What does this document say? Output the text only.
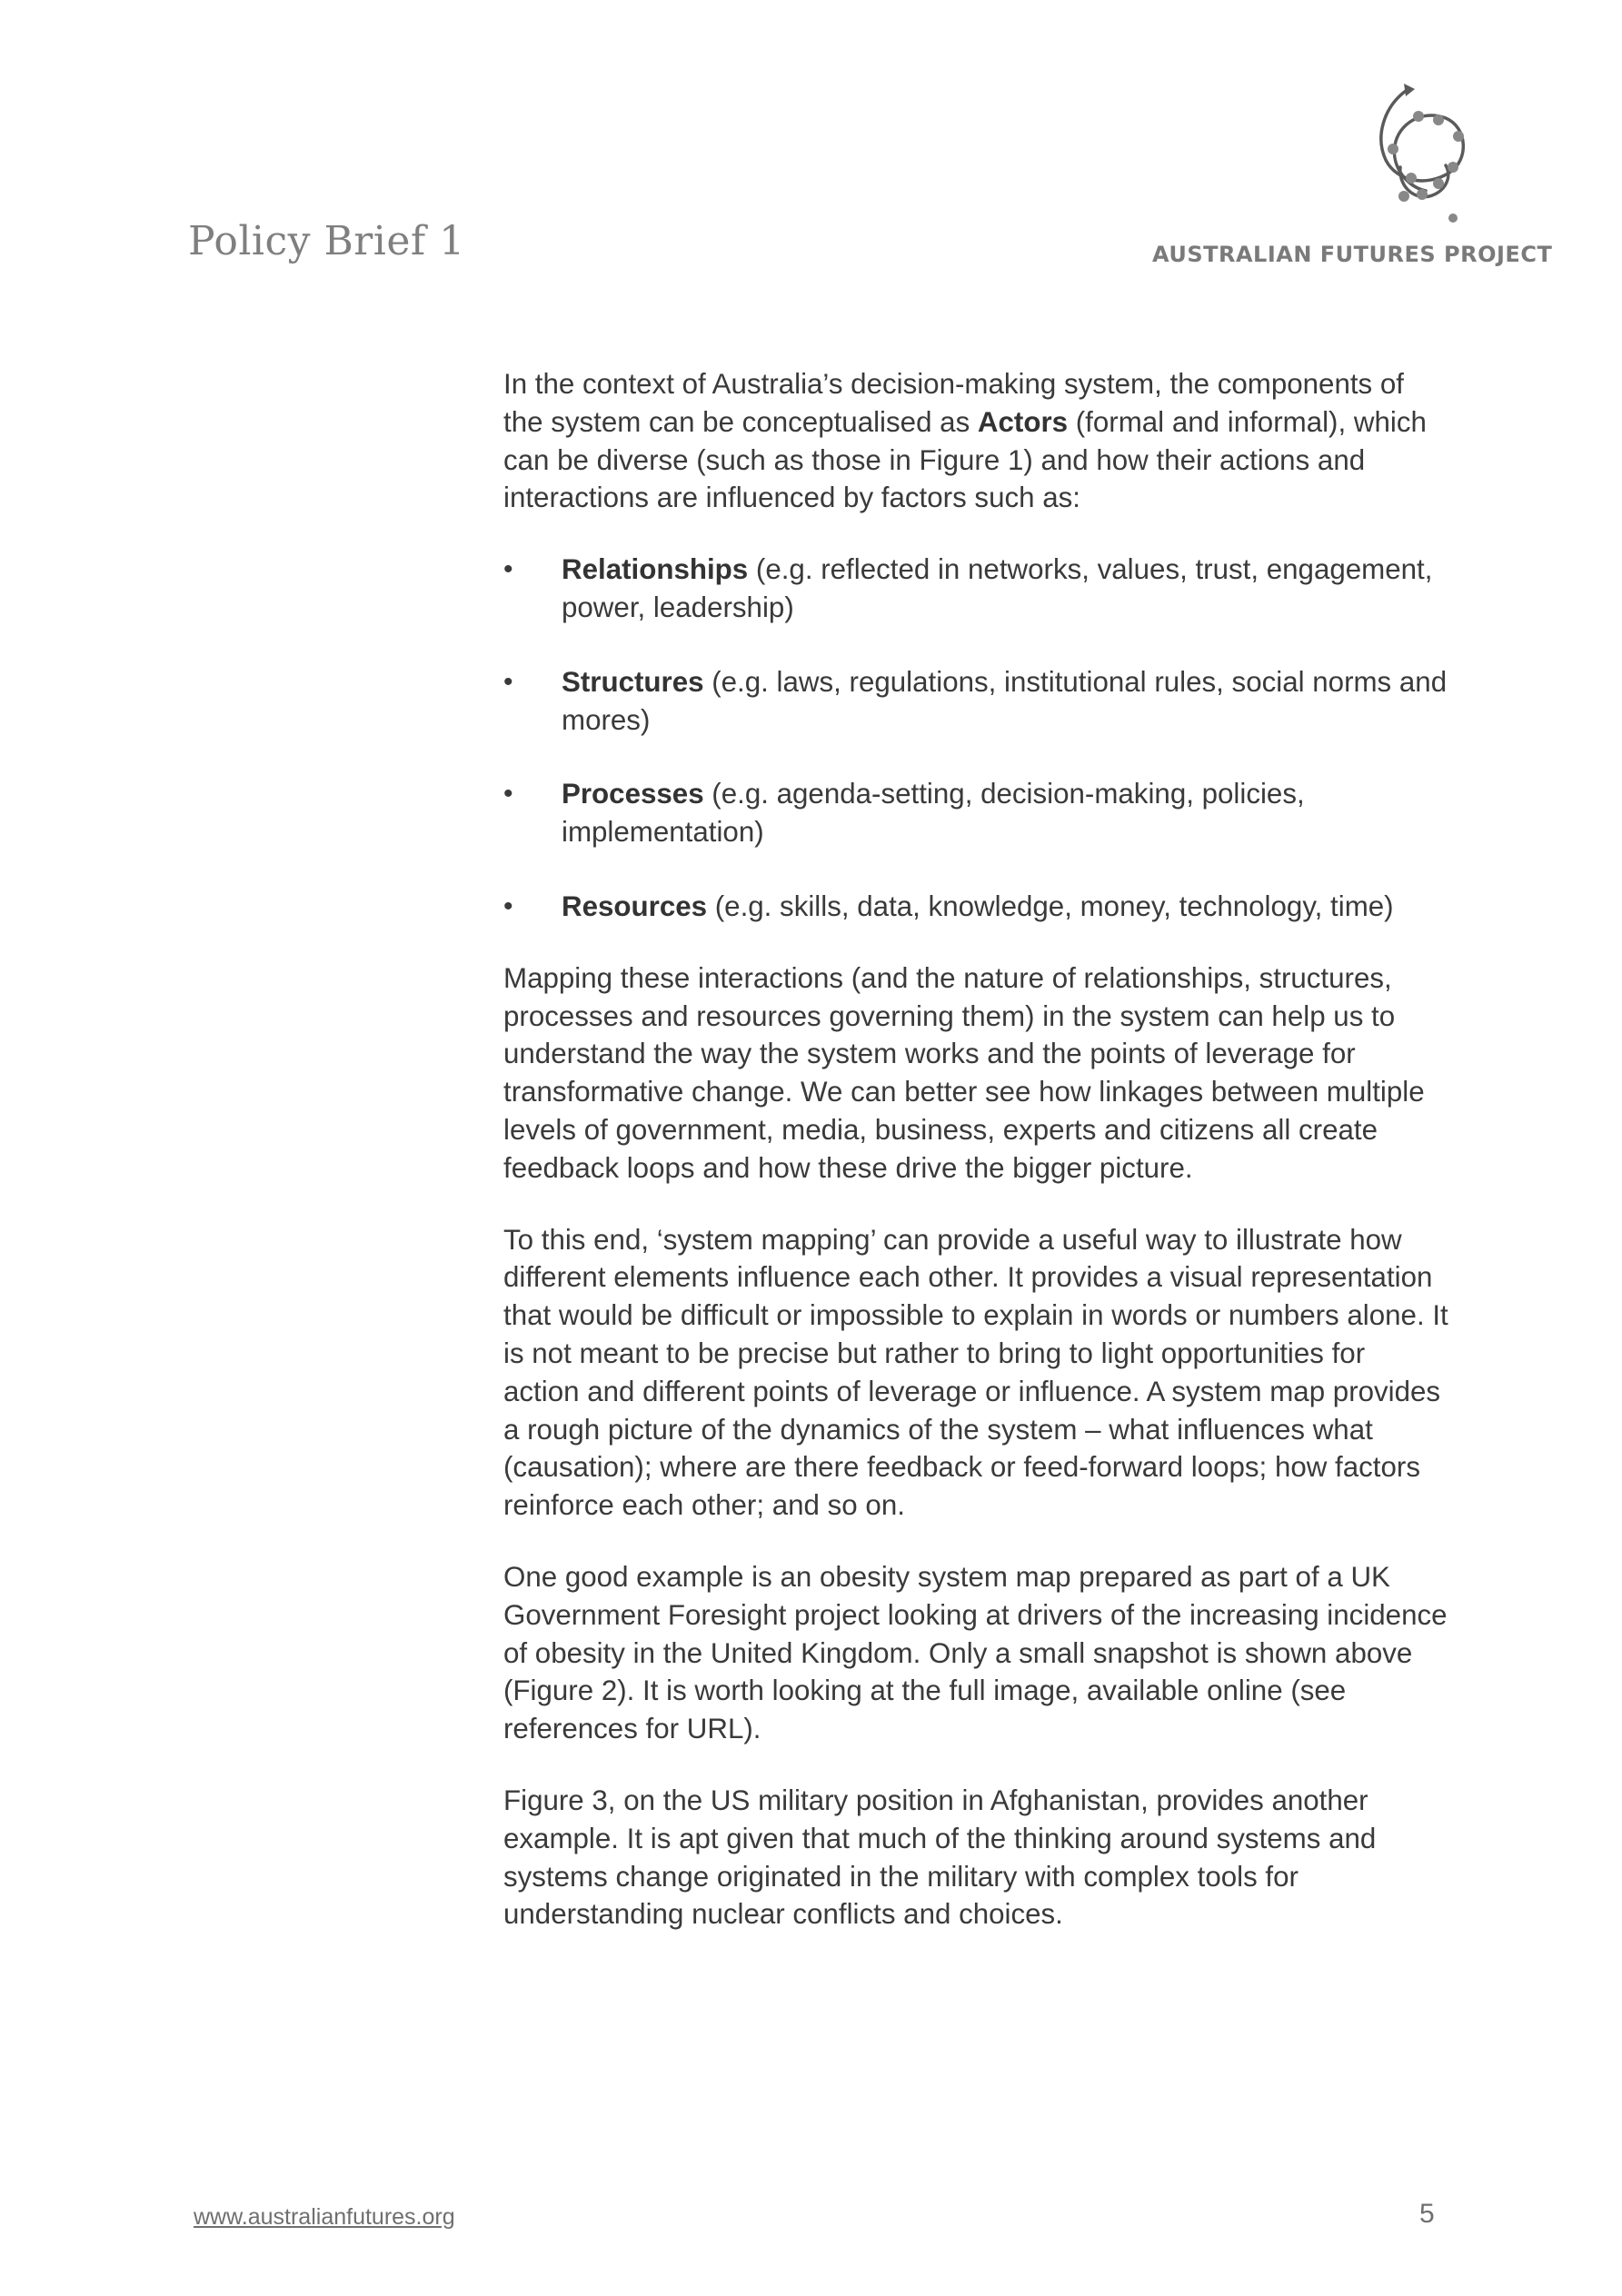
Policy Brief 1	AUSTRALIAN FUTURES PROJECT

In the context of Australia’s decision-making system, the components of the system can be conceptualised as Actors (formal and informal), which can be diverse (such as those in Figure 1) and how their actions and interactions are influenced by factors such as:

• Relationships (e.g. reflected in networks, values, trust, engagement, power, leadership)
• Structures (e.g. laws, regulations, institutional rules, social norms and mores)
• Processes (e.g. agenda-setting, decision-making, policies, implementation)
• Resources (e.g. skills, data, knowledge, money, technology, time)

Mapping these interactions (and the nature of relationships, structures, processes and resources governing them) in the system can help us to understand the way the system works and the points of leverage for transformative change. We can better see how linkages between multiple levels of government, media, business, experts and citizens all create feedback loops and how these drive the bigger picture.

To this end, ‘system mapping’ can provide a useful way to illustrate how different elements influence each other. It provides a visual representation that would be difficult or impossible to explain in words or numbers alone. It is not meant to be precise but rather to bring to light opportunities for action and different points of leverage or influence. A system map provides a rough picture of the dynamics of the system – what influences what (causation); where are there feedback or feed-forward loops; how factors reinforce each other; and so on.

One good example is an obesity system map prepared as part of a UK Government Foresight project looking at drivers of the increasing incidence of obesity in the United Kingdom. Only a small snapshot is shown above (Figure 2). It is worth looking at the full image, available online (see references for URL).

Figure 3, on the US military position in Afghanistan, provides another example. It is apt given that much of the thinking around systems and systems change originated in the military with complex tools for understanding nuclear conflicts and choices.

www.australianfutures.org	5
